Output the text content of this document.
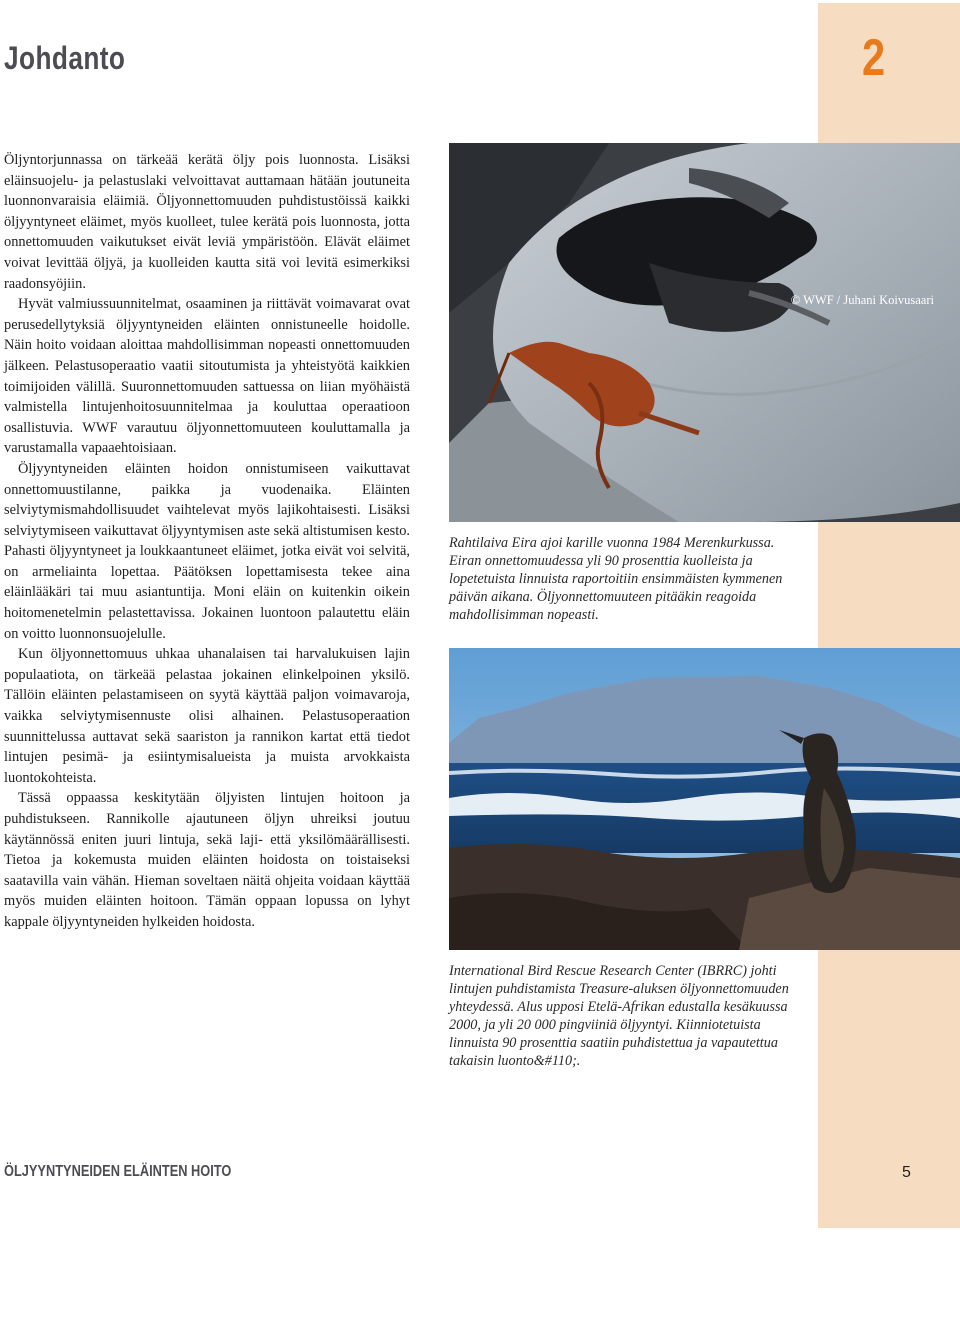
Johdanto	2

Öljyntorjunnassa on tärkeää kerätä öljy pois luonnosta. Lisäksi eläinsuojelu- ja pelastuslaki velvoittavat auttamaan hätään joutuneita luonnonvaraisia eläimiä. Öljyonnettomuuden puhdistustöissä kaikki öljyyntyneet eläimet, myös kuolleet, tulee kerätä pois luonnosta, jotta onnettomuuden vaikutukset eivät leviä ympäristöön. Elävät eläimet voivat levittää öljyä, ja kuolleiden kautta sitä voi levitä esimerkiksi raadonsyöjiin.

Hyvät valmiussuunnitelmat, osaaminen ja riittävät voimavarat ovat perusedellytyksiä öljyyntyneiden eläinten onnistuneelle hoidolle. Näin hoito voidaan aloittaa mahdollisimman nopeasti onnettomuuden jälkeen. Pelastusoperaatio vaatii sitoutumista ja yhteistyötä kaikkien toimijoiden välillä. Suuronnettomuuden sattuessa on liian myöhäistä valmistella lintujenhoitosuunnitelmaa ja kouluttaa operaatioon osallistuvia. WWF varautuu öljyonnettomuuteen kouluttamalla ja varustamalla vapaaehtoisiaan.

Öljyyntyneiden eläinten hoidon onnistumiseen vaikuttavat onnettomuustilanne, paikka ja vuodenaika. Eläinten selviytymismahdollisuudet vaihtelevat myös lajikohtaisesti. Lisäksi selviytymiseen vaikuttavat öljyyntymisen aste sekä altistumisen kesto. Pahasti öljyyntyneet ja loukkaantuneet eläimet, jotka eivät voi selvitä, on armeliainta lopettaa. Päätöksen lopettamisesta tekee aina eläinlääkäri tai muu asiantuntija. Moni eläin on kuitenkin oikein hoitomenetelmin pelastettavissa. Jokainen luontoon palautettu eläin on voitto luonnonsuojelulle.

Kun öljyonnettomuus uhkaa uhanalaisen tai harvalukuisen lajin populaatiota, on tärkeää pelastaa jokainen elinkelpoinen yksilö. Tällöin eläinten pelastamiseen on syytä käyttää paljon voimavaroja, vaikka selviytymisennuste olisi alhainen. Pelastusoperaation suunnittelussa auttavat sekä saariston ja rannikon kartat että tiedot lintujen pesimä- ja esiintymisalueista ja muista arvokkaista luontokohteista.

Tässä oppaassa keskitytään öljyisten lintujen hoitoon ja puhdistukseen. Rannikolle ajautuneen öljyn uhreiksi joutuu käytännössä eniten juuri lintuja, sekä laji- että yksilömäärällisesti. Tietoa ja kokemusta muiden eläinten hoidosta on toistaiseksi saatavilla vain vähän. Hieman soveltaen näitä ohjeita voidaan käyttää myös muiden eläinten hoitoon. Tämän oppaan lopussa on lyhyt kappale öljyyntyneiden hylkeiden hoidosta.

© WWF / Juhani Koivusaari
Rahtilaiva Eira ajoi karille vuonna 1984 Merenkurkussa. Eiran onnettomuudessa yli 90 prosenttia kuolleista ja lopetetuista linnuista raportoitiin ensimmäisten kymmenen päivän aikana. Öljyonnettomuuteen pitääkin reagoida mahdollisimman nopeasti.
© WWF-Canon / Martin Harvey
International Bird Rescue Research Center (IBRRC) johti lintujen puhdistamista Treasure-aluksen öljyonnettomuuden yhteydessä. Alus upposi Etelä-Afrikan edustalla kesäkuussa 2000, ja yli 20 000 pingviiniä öljyyntyi. Kiinniotetuista linnuista 90 prosenttia saatiin puhdistettua ja vapautettua takaisin luonto&#110;.
ÖLJYYNTYNEIDEN ELÄINTEN HOITO	5
